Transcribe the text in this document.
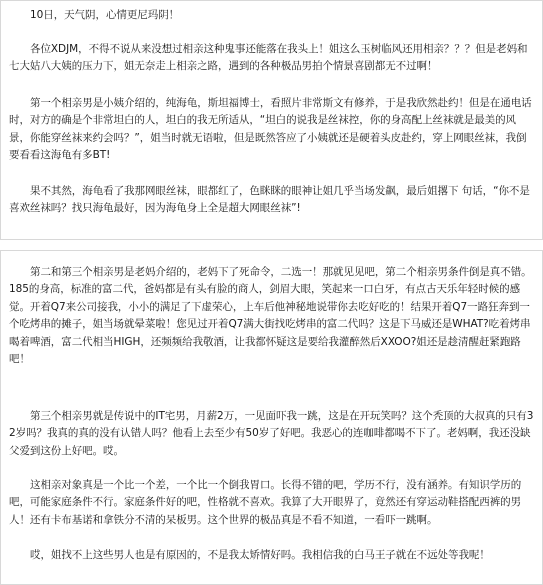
10日，天气阴，心情更尼玛阴！

各位XDJM，不得不说从来没想过相亲这种鬼事还能落在我头上！姐这么玉树临风还用相亲？？？但是老妈和七大姑八大姨的压力下，姐无奈走上相亲之路，遇到的各种极品男拍个情景喜剧都无不过啊！

第一个相亲男是小姨介绍的，纯海龟，斯坦福博士，看照片非常斯文有修养，于是我欣然赴约！但是在通电话时，对方的确是个非常坦白的人，坦白的我无所适从，“坦白的说我是丝袜控，你的身高配上丝袜就是最美的风景，你能穿丝袜来约会吗？”，姐当时就无语啦，但是既然答应了小姨就还是硬着头皮赴约，穿上网眼丝袜，我倒要看看这海龟有多BT!

果不其然，海龟看了我那网眼丝袜，眼都红了，色眯眯的眼神让姐几乎当场发飙，最后姐撂下 句话，“你不是喜欢丝袜吗？找只海龟最好，因为海龟身上全是超大网眼丝袜”!

第二和第三个相亲男是老妈介绍的，老妈下了死命令，二选一！那就见见吧，第二个相亲男条件倒是真不错。185的身高，标准的富二代，爸妈都是有头有脸的商人，剑眉大眼，笑起来一口白牙，有点古天乐年轻时候的感觉。开着Q7来公司接我，小小的满足了下虚荣心，上车后他神秘地说带你去吃好吃的！结果开着Q7一路狂奔到一个吃烤串的摊子，姐当场就晕菜啦！您见过开着Q7满大街找吃烤串的富二代吗？这是下马威还是WHAT?吃着烤串喝着啤酒，富二代相当HIGH，还频频给我敬酒，让我都怀疑这是要给我灌醉然后XXOO?姐还是趁清醒赶紧跑路吧！

第三个相亲男就是传说中的IT宅男，月薪2万，一见面吓我一跳，这是在开玩笑吗？这个秃顶的大叔真的只有32岁吗？我真的真的没有认错人吗？他看上去至少有50岁了好吧。我恶心的连咖啡都喝不下了。老妈啊，我还没缺父爱到这份上好吧。哎。

这相亲对象真是一个比一个差，一个比一个倒我胃口。长得不错的吧，学历不行，没有涵养。有知识学历的吧，可能家庭条件不行。家庭条件好的吧，性格就不喜欢。我算了大开眼界了，竟然还有穿运动鞋搭配西裤的男人！还有卡布基诺和拿铁分不清的呆板男。这个世界的极品真是不看不知道，一看吓一跳啊。

哎，姐找不上这些男人也是有原因的，不是我太矫情好吗。我相信我的白马王子就在不远处等我呢！
